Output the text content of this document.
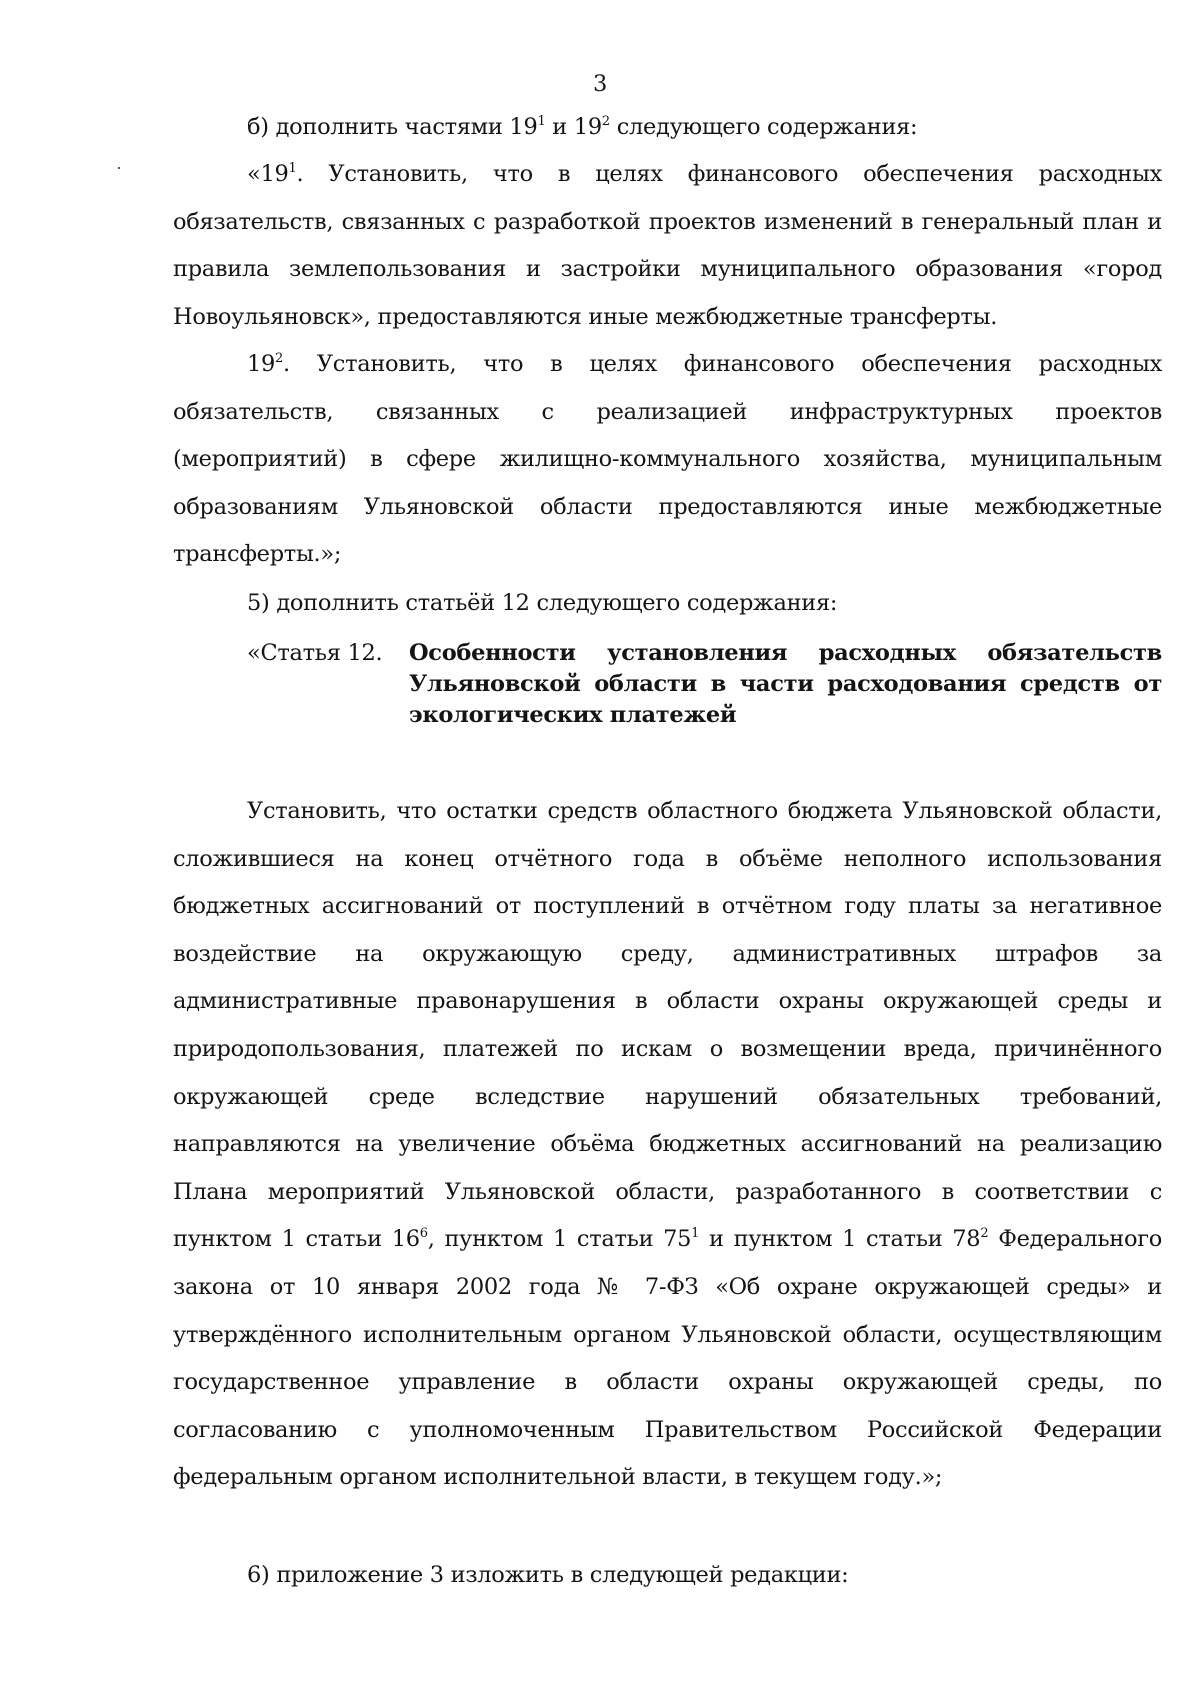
3

б) дополнить частями $19^1$ и $19^2$ следующего содержания:

«$19^1$. Установить, что в целях финансового обеспечения расходных обязательств, связанных с разработкой проектов изменений в генеральный план и правила землепользования и застройки муниципального образования «город Новоульяновск», предоставляются иные межбюджетные трансферты.

$19^2$. Установить, что в целях финансового обеспечения расходных обязательств, связанных с реализацией инфраструктурных проектов (мероприятий) в сфере жилищно-коммунального хозяйства, муниципальным образованиям Ульяновской области предоставляются иные межбюджетные трансферты.»;

5) дополнить статьёй 12 следующего содержания:

«Статья 12. Особенности установления расходных обязательств Ульяновской области в части расходования средств от экологических платежей

Установить, что остатки средств областного бюджета Ульяновской области, сложившиеся на конец отчётного года в объёме неполного использования бюджетных ассигнований от поступлений в отчётном году платы за негативное воздействие на окружающую среду, административных штрафов за административные правонарушения в области охраны окружающей среды и природопользования, платежей по искам о возмещении вреда, причинённого окружающей среде вследствие нарушений обязательных требований, направляются на увеличение объёма бюджетных ассигнований на реализацию Плана мероприятий Ульяновской области, разработанного в соответствии с пунктом 1 статьи $16^6$, пунктом 1 статьи $75^1$ и пунктом 1 статьи $78^2$ Федерального закона от 10 января 2002 года № 7-ФЗ «Об охране окружающей среды» и утверждённого исполнительным органом Ульяновской области, осуществляющим государственное управление в области охраны окружающей среды, по согласованию с уполномоченным Правительством Российской Федерации федеральным органом исполнительной власти, в текущем году.»;

6) приложение 3 изложить в следующей редакции:
